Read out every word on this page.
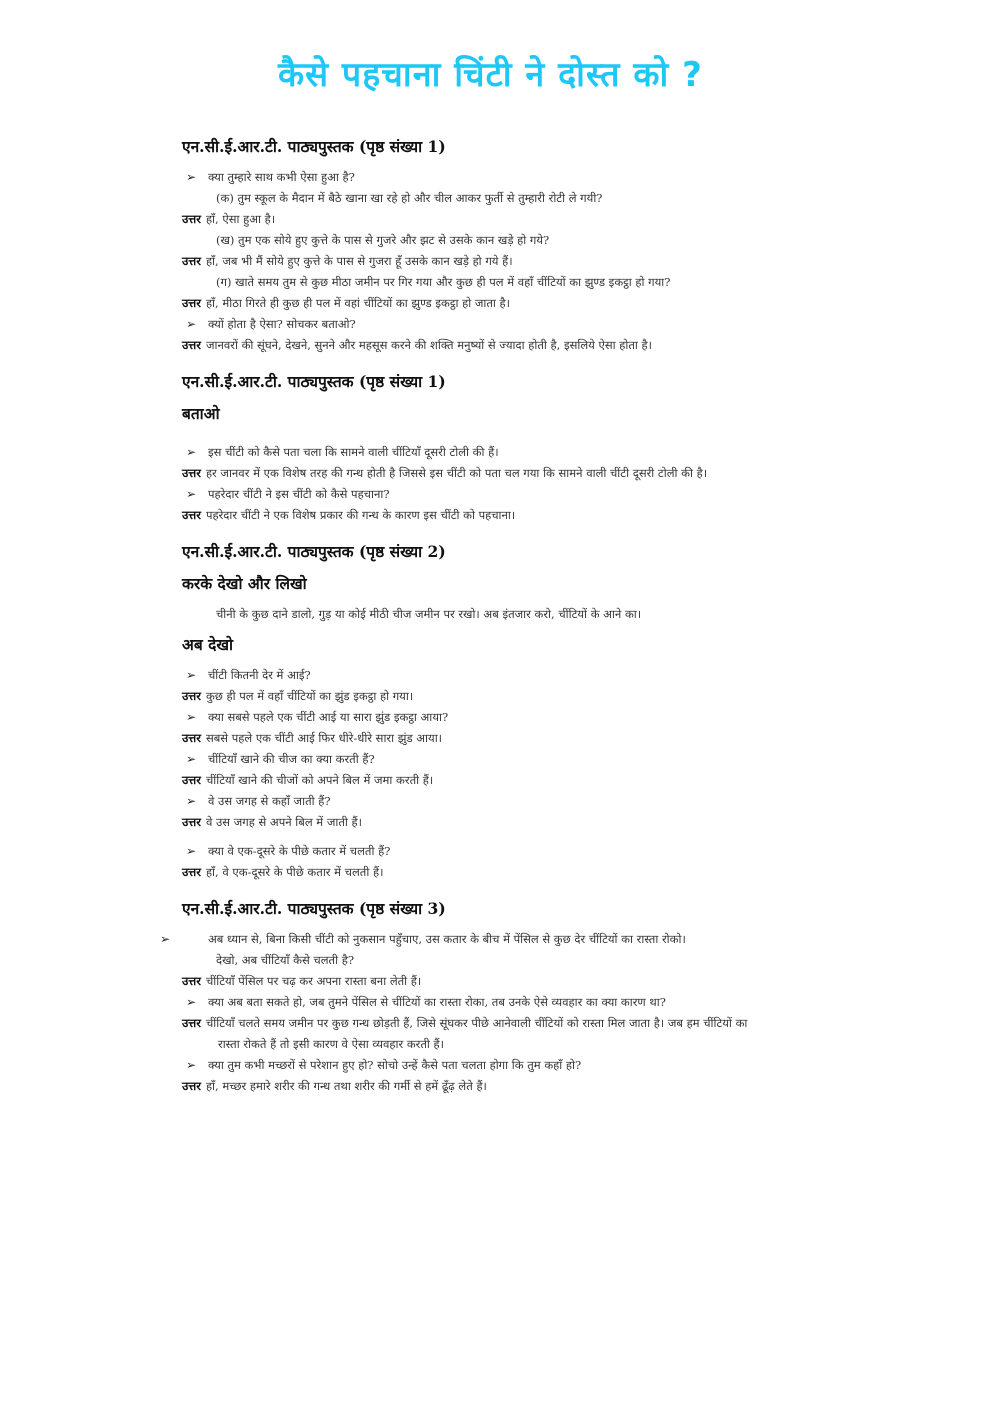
कैसे पहचाना चिंटी ने दोस्त को ?
एन.सी.ई.आर.टी. पाठ्यपुस्तक (पृष्ठ संख्या 1)
➢ क्या तुम्हारे साथ कभी ऐसा हुआ है?
(क) तुम स्कूल के मैदान में बैठे खाना खा रहे हो और चील आकर फुर्ती से तुम्हारी रोटी ले गयी?
उत्तर हाँ, ऐसा हुआ है।
(ख) तुम एक सोये हुए कुत्ते के पास से गुजरे और झट से उसके कान खड़े हो गये?
उत्तर हाँ, जब भी मैं सोये हुए कुत्ते के पास से गुजरा हूँ उसके कान खड़े हो गये हैं।
(ग) खाते समय तुम से कुछ मीठा जमीन पर गिर गया और कुछ ही पल में वहाँ चींटियों का झुण्ड इकट्ठा हो गया?
उत्तर हाँ, मीठा गिरते ही कुछ ही पल में वहां चींटियों का झुण्ड इकट्ठा हो जाता है।
➢ क्यों होता है ऐसा? सोचकर बताओ?
उत्तर जानवरों की सूंघने, देखने, सुनने और महसूस करने की शक्ति मनुष्यों से ज्यादा होती है, इसलिये ऐसा होता है।
एन.सी.ई.आर.टी. पाठ्यपुस्तक (पृष्ठ संख्या 1)
बताओ
➢ इस चींटी को कैसे पता चला कि सामने वाली चींटियाँ दूसरी टोली की हैं।
उत्तर हर जानवर में एक विशेष तरह की गन्ध होती है जिससे इस चींटी को पता चल गया कि सामने वाली चींटी दूसरी टोली की है।
➢ पहरेदार चींटी ने इस चींटी को कैसे पहचाना?
उत्तर पहरेदार चींटी ने एक विशेष प्रकार की गन्ध के कारण इस चींटी को पहचाना।
एन.सी.ई.आर.टी. पाठ्यपुस्तक (पृष्ठ संख्या 2)
करके देखो और लिखो
चीनी के कुछ दाने डालो, गुड़ या कोई मीठी चीज जमीन पर रखो। अब इंतजार करो, चींटियों के आने का।
अब देखो
➢ चींटी कितनी देर में आई?
उत्तर कुछ ही पल में वहाँ चींटियों का झुंड इकट्ठा हो गया।
➢ क्या सबसे पहले एक चींटी आई या सारा झुंड इकट्ठा आया?
उत्तर सबसे पहले एक चींटी आई फिर धीरे-धीरे सारा झुंड आया।
➢ चींटियाँ खाने की चीज का क्या करती हैं?
उत्तर चींटियाँ खाने की चीजों को अपने बिल में जमा करती हैं।
➢ वे उस जगह से कहाँ जाती हैं?
उत्तर वे उस जगह से अपने बिल में जाती हैं।
➢ क्या वे एक-दूसरे के पीछे कतार में चलती हैं?
उत्तर हाँ, वे एक-दूसरे के पीछे कतार में चलती हैं।
एन.सी.ई.आर.टी. पाठ्यपुस्तक (पृष्ठ संख्या 3)
➢	अब ध्यान से, बिना किसी चींटी को नुकसान पहुँचाए, उस कतार के बीच में पेंसिल से कुछ देर चींटियों का रास्ता रोको।
देखो, अब चींटियाँ कैसे चलती है?
उत्तर चींटियाँ पेंसिल पर चढ़ कर अपना रास्ता बना लेती हैं।
➢ क्या अब बता सकते हो, जब तुमने पेंसिल से चींटियों का रास्ता रोका, तब उनके ऐसे व्यवहार का क्या कारण था?
उत्तर चींटियाँ चलते समय जमीन पर कुछ गन्ध छोड़ती हैं, जिसे सूंघकर पीछे आनेवाली चींटियों को रास्ता मिल जाता है। जब हम चींटियों का रास्ता रोकते हैं तो इसी कारण वे ऐसा व्यवहार करती हैं।
➢ क्या तुम कभी मच्छरों से परेशान हुए हो? सोचो उन्हें कैसे पता चलता होगा कि तुम कहाँ हो?
उत्तर हाँ, मच्छर हमारे शरीर की गन्ध तथा शरीर की गर्मी से हमें ढूँढ़ लेते हैं।
